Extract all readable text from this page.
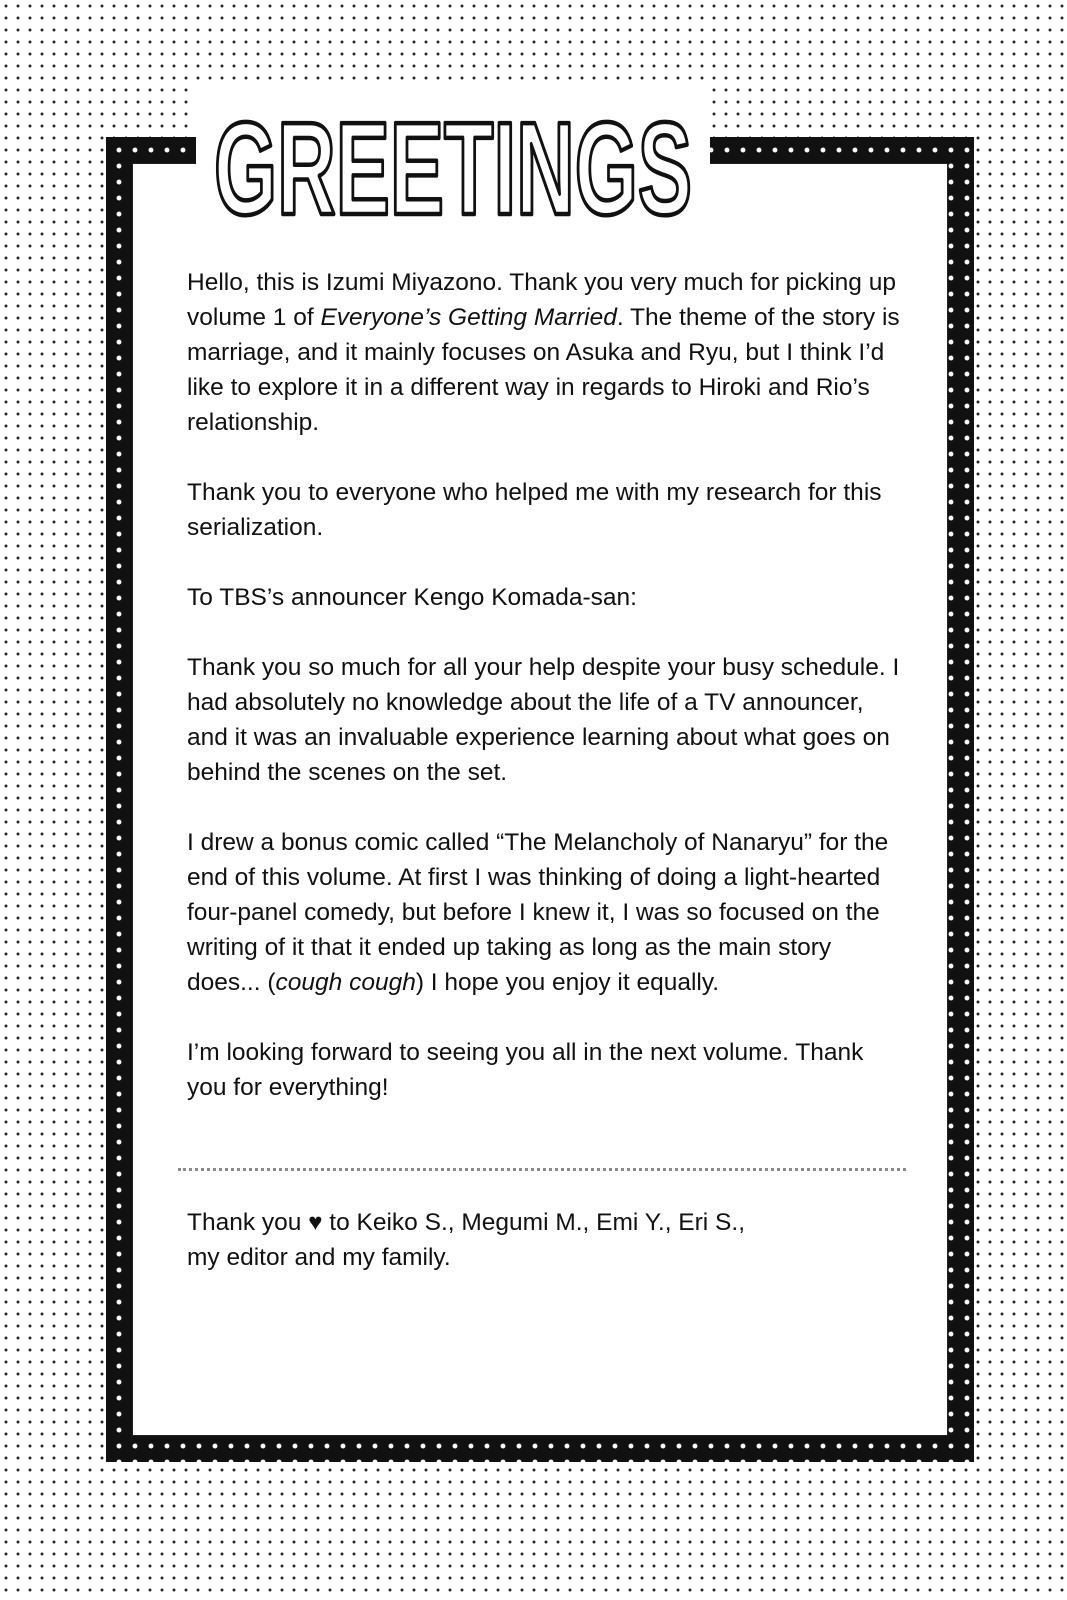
GREETINGS

Hello, this is Izumi Miyazono. Thank you very much for picking up volume 1 of Everyone’s Getting Married. The theme of the story is marriage, and it mainly focuses on Asuka and Ryu, but I think I’d like to explore it in a different way in regards to Hiroki and Rio’s relationship.

Thank you to everyone who helped me with my research for this serialization.

To TBS’s announcer Kengo Komada-san:

Thank you so much for all your help despite your busy schedule. I had absolutely no knowledge about the life of a TV announcer, and it was an invaluable experience learning about what goes on behind the scenes on the set.

I drew a bonus comic called “The Melancholy of Nanaryu” for the end of this volume. At first I was thinking of doing a light-hearted four-panel comedy, but before I knew it, I was so focused on the writing of it that it ended up taking as long as the main story does... (cough cough) I hope you enjoy it equally.

I’m looking forward to seeing you all in the next volume. Thank you for everything!

Thank you ♥ to Keiko S., Megumi M., Emi Y., Eri S.,

my editor and my family.
